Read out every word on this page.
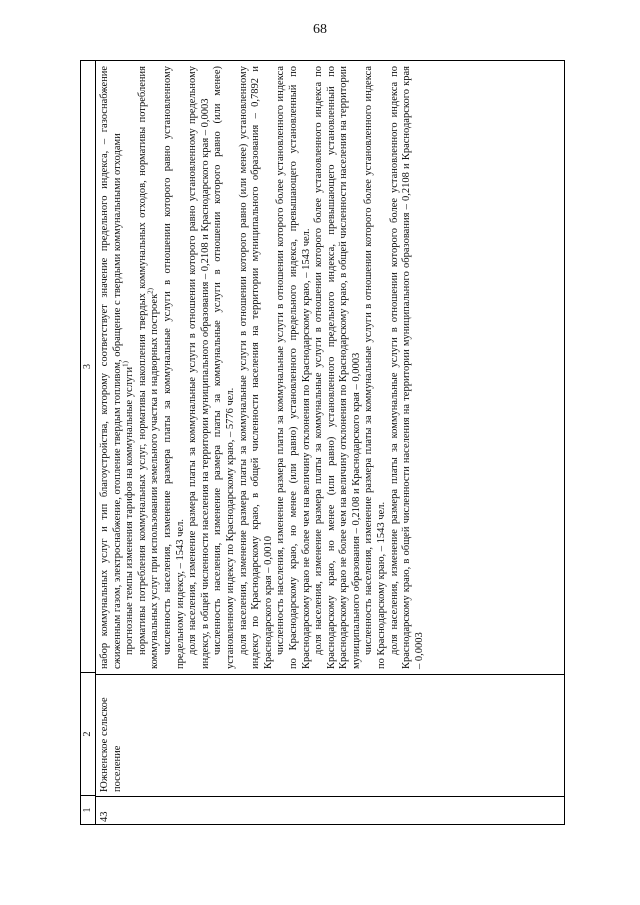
68
1
2
3
43
Южненское сельское поселение

набор коммунальных услуг и тип благоустройства, которому соответствует значение предельного индекса, – газоснабжение сжиженным газом, электроснабжение, отопление твердым топливом, обращение с твердыми коммунальными отходами прогнозные темпы изменения тарифов на коммунальные услуги$^{1)}$ нормативы потребления коммунальных услуг, нормативы накопления твердых коммунальных отходов, нормативы потребления коммунальных услуг при использовании земельного участка и надворных построек$^{2)}$ численность населения, изменение размера платы за коммунальные услуги в отношении которого равно установленному предельному индексу, – 1543 чел. доля населения, изменение размера платы за коммунальные услуги в отношении которого равно установленному предельному индексу, в общей численности населения на территории муниципального образования – 0,2108 и Краснодарского края – 0,0003 численность населения, изменение размера платы за коммунальные услуги в отношении которого равно (или менее) установленному индексу по Краснодарскому краю, – 5776 чел. доля населения, изменение размера платы за коммунальные услуги в отношении которого равно (или менее) установленному индексу по Краснодарскому краю, в общей численности населения на территории муниципального образования – 0,7892 и Краснодарского края – 0,0010 численность населения, изменение размера платы за коммунальные услуги в отношении которого более установленного индекса по Краснодарскому краю, но менее (или равно) установленного предельного индекса, превышающего установленный по Краснодарскому краю не более чем на величину отклонения по Краснодарскому краю, – 1543 чел. доля населения, изменение размера платы за коммунальные услуги в отношении которого более установленного индекса по Краснодарскому краю, но менее (или равно) установленного предельного индекса, превышающего установленный по Краснодарскому краю не более чем на величину отклонения по Краснодарскому краю, в общей численности населения на территории муниципального образования – 0,2108 и Краснодарского края – 0,0003 численность населения, изменение размера платы за коммунальные услуги в отношении которого более установленного индекса по Краснодарскому краю, – 1543 чел. доля населения, изменение размера платы за коммунальные услуги в отношении которого более установленного индекса по Краснодарскому краю, в общей численности населения на территории муниципального образования – 0,2108 и Краснодарского края – 0,0003
